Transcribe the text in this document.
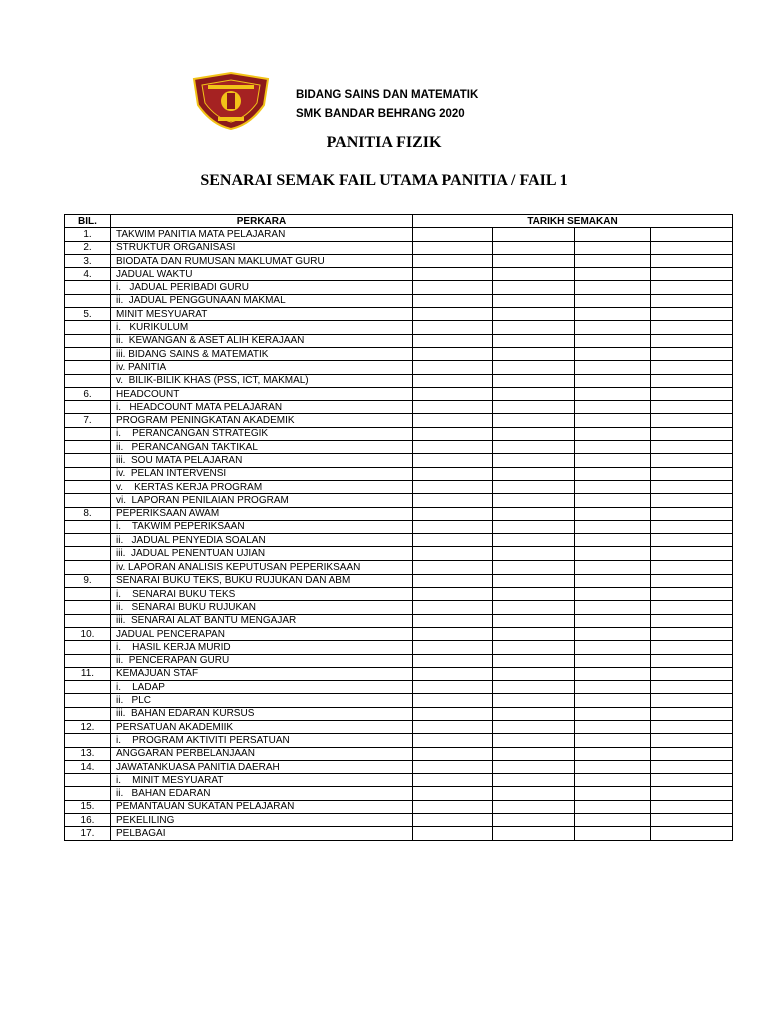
BIDANG SAINS DAN MATEMATIK
SMK BANDAR BEHRANG 2020
PANITIA FIZIK
SENARAI SEMAK FAIL UTAMA PANITIA / FAIL 1
BIL.	PERKARA	TARIKH SEMAKAN			
1.	TAKWIM PANITIA MATA PELAJARAN				
2.	STRUKTUR ORGANISASI				
3.	BIODATA DAN RUMUSAN MAKLUMAT GURU				
4.	JADUAL WAKTU				
	i.   JADUAL PERIBADI GURU				
	ii.  JADUAL PENGGUNAAN MAKMAL				
5.	MINIT MESYUARAT				
	i.   KURIKULUM				
	ii.  KEWANGAN & ASET ALIH KERAJAAN				
	iii. BIDANG SAINS & MATEMATIK				
	iv. PANITIA				
	v.  BILIK-BILIK KHAS (PSS, ICT, MAKMAL)				
6.	HEADCOUNT				
	i.   HEADCOUNT MATA PELAJARAN				
7.	PROGRAM PENINGKATAN AKADEMIK				
	i.    PERANCANGAN STRATEGIK				
	ii.   PERANCANGAN TAKTIKAL				
	iii.  SOU MATA PELAJARAN				
	iv.  PELAN INTERVENSI				
	v.    KERTAS KERJA PROGRAM				
	vi.  LAPORAN PENILAIAN PROGRAM				
8.	PEPERIKSAAN AWAM				
	i.    TAKWIM PEPERIKSAAN				
	ii.   JADUAL PENYEDIA SOALAN				
	iii.  JADUAL PENENTUAN UJIAN				
	iv. LAPORAN ANALISIS KEPUTUSAN PEPERIKSAAN				
9.	SENARAI BUKU TEKS, BUKU RUJUKAN DAN ABM				
	i.    SENARAI BUKU TEKS				
	ii.   SENARAI BUKU RUJUKAN				
	iii.  SENARAI ALAT BANTU MENGAJAR				
10.	JADUAL PENCERAPAN				
	i.    HASIL KERJA MURID				
	ii.  PENCERAPAN GURU				
11.	KEMAJUAN STAF				
	i.    LADAP				
	ii.   PLC				
	iii.  BAHAN EDARAN KURSUS				
12.	PERSATUAN AKADEMIIK				
	i.    PROGRAM AKTIVITI PERSATUAN				
13.	ANGGARAN PERBELANJAAN				
14.	JAWATANKUASA PANITIA DAERAH				
	i.    MINIT MESYUARAT				
	ii.   BAHAN EDARAN				
15.	PEMANTAUAN SUKATAN PELAJARAN				
16.	PEKELILING				
17.	PELBAGAI				
